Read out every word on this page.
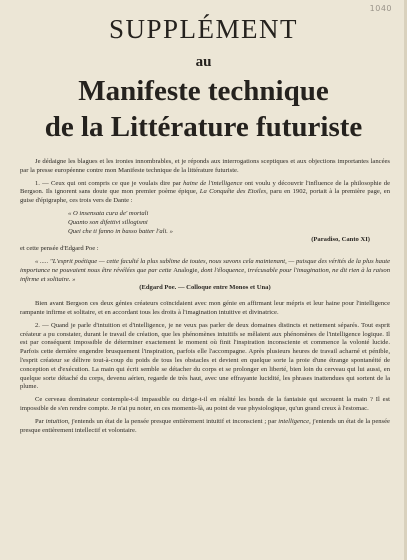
1040
SUPPLÉMENT
au
Manifeste technique
de la Littérature futuriste

Je dédaigne les blagues et les ironies innombrables, et je réponds aux interrogations sceptiques et aux objections importantes lancées par la presse européenne contre mon Manifeste technique de la littérature futuriste.

1. — Ceux qui ont compris ce que je voulais dire par haine de l'intelligence ont voulu y découvrir l'influence de la philosophie de Bergson. Ils ignorent sans doute que mon premier poème épique, La Conquête des Etoiles, paru en 1902, portait à la première page, en guise d'épigraphe, ces trois vers de Dante :

« O insensata cura de' mortali
Quanto son difettivi sillogismi
Quei che ti fanno in basso batter l'ali. »
(Paradiso, Canto XI)

et cette pensée d'Edgard Poe :

« ..... "L'esprit poétique — cette faculté la plus sublime de toutes, nous savons cela maintenant, — puisque des vérités de la plus haute importance ne pouvaient nous être révélées que par cette Analogie, dont l'éloquence, irrécusable pour l'imagination, ne dit rien à la raison infirme et solitaire. »

(Edgard Poe. — Colloque entre Monos et Una)

Bien avant Bergson ces deux génies créateurs coïncidaient avec mon génie en affirmant leur mépris et leur haine pour l'intelligence rampante infirme et solitaire, et en accordant tous les droits à l'imagination intuitive et divinatrice.

2. — Quand je parle d'intuition et d'intelligence, je ne veux pas parler de deux domaines distincts et nettement séparés. Tout esprit créateur a pu constater, durant le travail de création, que les phénomènes intuitifs se mêlaient aux phénomènes de l'intelligence logique. Il est par conséquent impossible de déterminer exactement le moment où finit l'inspiration inconsciente et commence la volonté lucide. Parfois cette dernière engendre brusquement l'inspiration, parfois elle l'accompagne. Après plusieurs heures de travail acharné et pénible, l'esprit créateur se délivre tout-à-coup du poids de tous les obstacles et devient en quelque sorte la proie d'une étrange spontanéité de conception et d'exécution. La main qui écrit semble se détacher du corps et se prolonger en liberté, bien loin du cerveau qui lui aussi, en quelque sorte détaché du corps, devenu aérien, regarde de très haut, avec une effrayante lucidité, les phrases inattendues qui sortent de la plume.

Ce cerveau dominateur contemple-t-il impassible ou dirige-t-il en réalité les bonds de la fantaisie qui secouent la main ? Il est impossible de s'en rendre compte. Je n'ai pu noter, en ces moments-là, au point de vue physiologique, qu'un grand creux à l'estomac.

Par intuition, j'entends un état de la pensée presque entièrement intuitif et inconscient ; par intelligence, j'entends un état de la pensée presque entièrement intellectif et volontaire.
